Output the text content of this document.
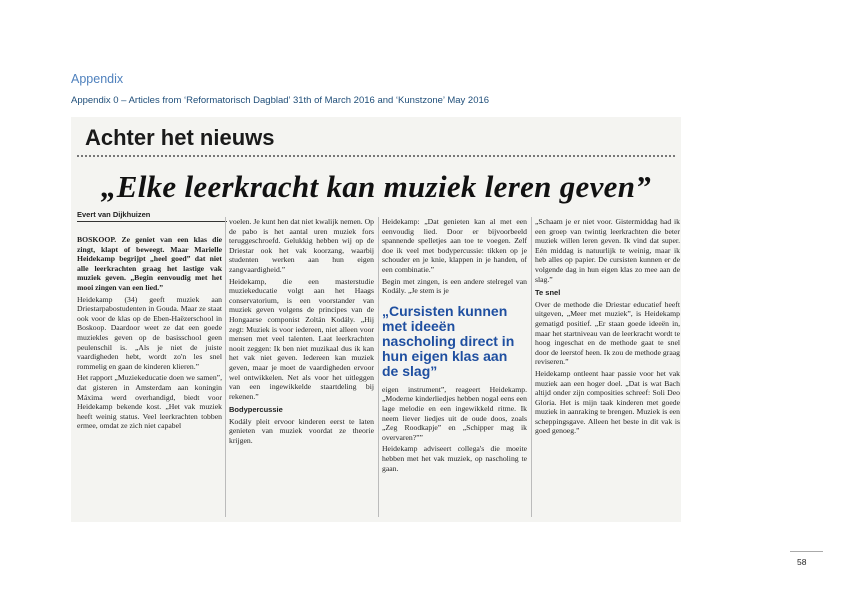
Appendix
Appendix 0 – Articles from ‘Reformatorisch Dagblad’ 31th of March 2016 and ‘Kunstzone’ May 2016
Achter het nieuws
„Elke leerkracht kan muziek leren geven”
Evert van Dijkhuizen

BOSKOOP. Ze geniet van een klas die zingt, klapt of beweegt. Maar Marielle Heidekamp begrijpt „heel goed” dat niet alle leerkrachten graag het lastige vak muziek geven. „Begin eenvoudig met het mooi zingen van een lied.”

Heidekamp (34) geeft muziek aan Driestarpabostudenten in Gouda. Maar ze staat ook voor de klas op de Eben-Haëzerschool in Boskoop. Daardoor weet ze dat een goede muziekles geven op de basisschool geen peulenschil is. „Als je niet de juiste vaardigheden hebt, wordt zo'n les snel rommelig en gaan de kinderen klieren.”

Het rapport „Muziekeducatie doen we samen”, dat gisteren in Amsterdam aan koningin Máxima werd overhandigd, biedt voor Heidekamp bekende kost. „Het vak muziek heeft weinig status. Veel leerkrachten tobben ermee, omdat ze zich niet capabel

voelen. Je kunt hen dat niet kwalijk nemen. Op de pabo is het aantal uren muziek fors teruggeschroefd. Gelukkig hebben wij op de Driestar ook het vak koorzang, waarbij studenten werken aan hun eigen zangvaardigheid.”

Heidekamp, die een masterstudie muziekeducatie volgt aan het Haags conservatorium, is een voorstander van muziek geven volgens de principes van de Hongaarse componist Zoltán Kodály. „Hij zegt: Muziek is voor iedereen, niet alleen voor mensen met veel talenten. Laat leerkrachten nooit zeggen: Ik ben niet muzikaal dus ik kan het vak niet geven. Iedereen kan muziek geven, maar je moet de vaardigheden ervoor wel ontwikkelen. Net als voor het uitleggen van een ingewikkelde staartdeling bij rekenen.”

Bodypercussie

Kodály pleit ervoor kinderen eerst te laten genieten van muziek voordat ze theorie krijgen.

Heidekamp: „Dat genieten kan al met een eenvoudig lied. Door er bijvoorbeeld spannende spelletjes aan toe te voegen. Zelf doe ik veel met bodypercussie: tikken op je schouder en je knie, klappen in je handen, of een combinatie.”

Begin met zingen, is een andere stelregel van Kodály. „Je stem is je

„Cursisten kunnen met ideeën nascholing direct in hun eigen klas aan de slag”

eigen instrument”, reageert Heidekamp. „Moderne kinderliedjes hebben nogal eens een lage melodie en een ingewikkeld ritme. Ik neem liever liedjes uit de oude doos, zoals „Zeg Roodkapje” en „Schipper mag ik overvaren?””

Heidekamp adviseert collega's die moeite hebben met het vak muziek, op nascholing te gaan.

„Schaam je er niet voor. Gistermiddag had ik een groep van twintig leerkrachten die beter muziek willen leren geven. Ik vind dat super. Eén middag is natuurlijk te weinig, maar ik heb alles op papier. De cursisten kunnen er de volgende dag in hun eigen klas zo mee aan de slag.”

Te snel

Over de methode die Driestar educatief heeft uitgeven, „Meer met muziek”, is Heidekamp gematigd positief. „Er staan goede ideeën in, maar het startniveau van de leerkracht wordt te hoog ingeschat en de methode gaat te snel door de leerstof heen. Ik zou de methode graag reviseren.”

Heidekamp ontleent haar passie voor het vak muziek aan een hoger doel. „Dat is wat Bach altijd onder zijn composities schreef: Soli Deo Gloria. Het is mijn taak kinderen met goede muziek in aanraking te brengen. Muziek is een scheppingsgave. Alleen het beste in dit vak is goed genoeg.”

58
